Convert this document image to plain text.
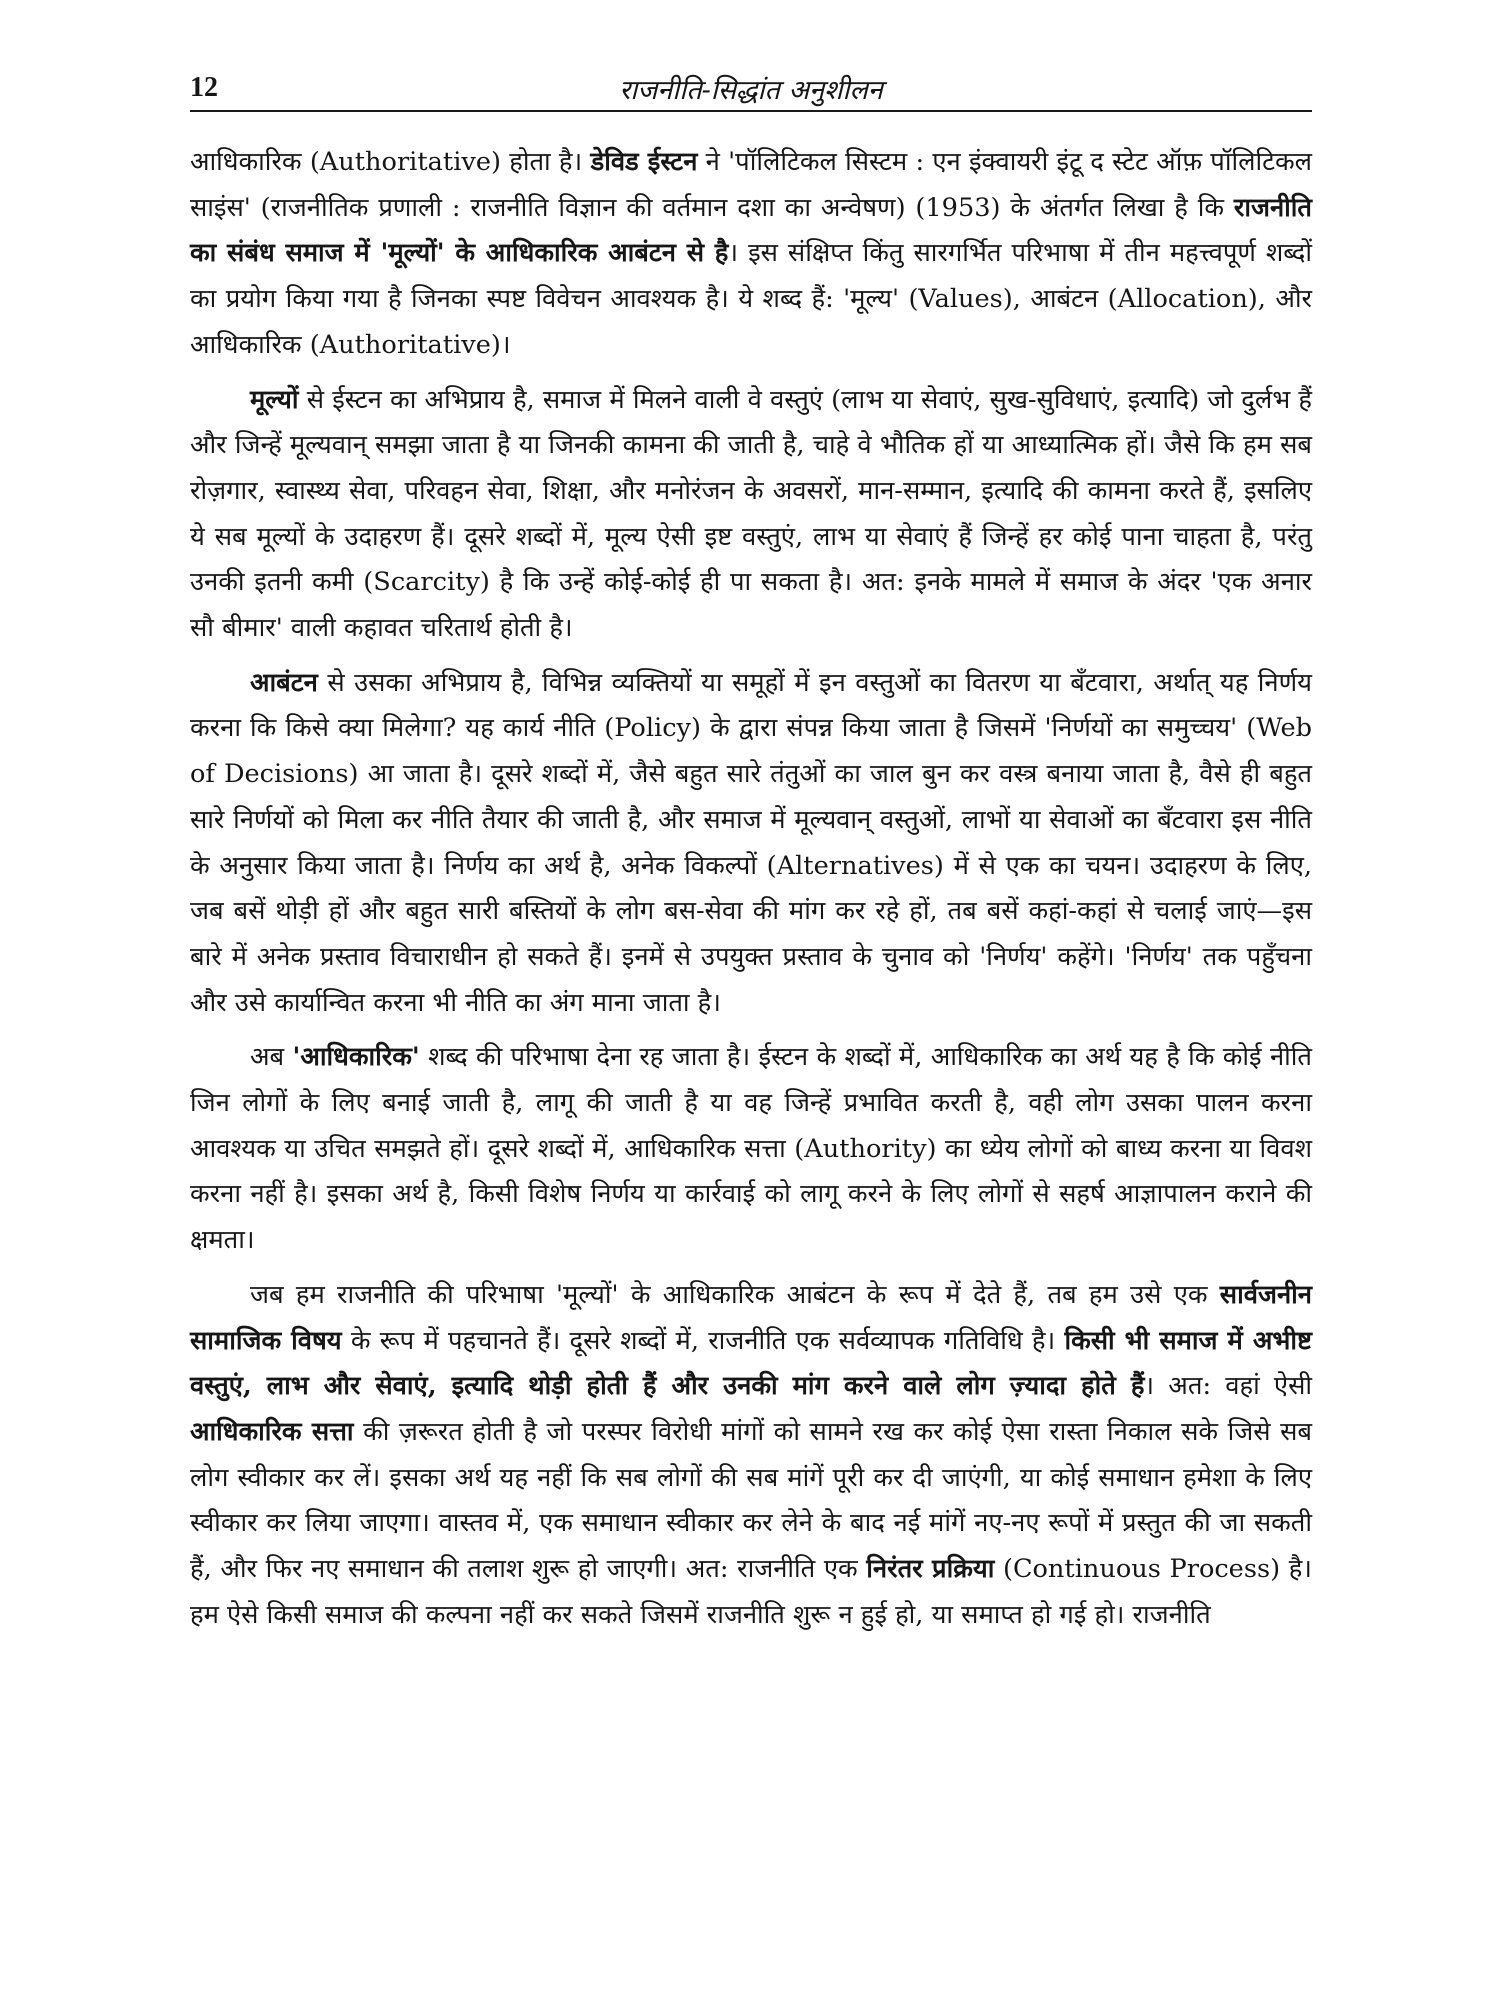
12	राजनीति-सिद्धांत अनुशीलन

आधिकारिक (Authoritative) होता है। डेविड ईस्टन ने 'पॉलिटिकल सिस्टम : एन इंक्वायरी इंटू द स्टेट ऑफ़ पॉलिटिकल साइंस' (राजनीतिक प्रणाली : राजनीति विज्ञान की वर्तमान दशा का अन्वेषण) (1953) के अंतर्गत लिखा है कि राजनीति का संबंध समाज में 'मूल्यों' के आधिकारिक आबंटन से है। इस संक्षिप्त किंतु सारगर्भित परिभाषा में तीन महत्त्वपूर्ण शब्दों का प्रयोग किया गया है जिनका स्पष्ट विवेचन आवश्यक है। ये शब्द हैं: 'मूल्य' (Values), आबंटन (Allocation), और आधिकारिक (Authoritative)।

मूल्यों से ईस्टन का अभिप्राय है, समाज में मिलने वाली वे वस्तुएं (लाभ या सेवाएं, सुख-सुविधाएं, इत्यादि) जो दुर्लभ हैं और जिन्हें मूल्यवान् समझा जाता है या जिनकी कामना की जाती है, चाहे वे भौतिक हों या आध्यात्मिक हों। जैसे कि हम सब रोज़गार, स्वास्थ्य सेवा, परिवहन सेवा, शिक्षा, और मनोरंजन के अवसरों, मान-सम्मान, इत्यादि की कामना करते हैं, इसलिए ये सब मूल्यों के उदाहरण हैं। दूसरे शब्दों में, मूल्य ऐसी इष्ट वस्तुएं, लाभ या सेवाएं हैं जिन्हें हर कोई पाना चाहता है, परंतु उनकी इतनी कमी (Scarcity) है कि उन्हें कोई-कोई ही पा सकता है। अत: इनके मामले में समाज के अंदर 'एक अनार सौ बीमार' वाली कहावत चरितार्थ होती है।

आबंटन से उसका अभिप्राय है, विभिन्न व्यक्तियों या समूहों में इन वस्तुओं का वितरण या बँटवारा, अर्थात् यह निर्णय करना कि किसे क्या मिलेगा? यह कार्य नीति (Policy) के द्वारा संपन्न किया जाता है जिसमें 'निर्णयों का समुच्चय' (Web of Decisions) आ जाता है। दूसरे शब्दों में, जैसे बहुत सारे तंतुओं का जाल बुन कर वस्त्र बनाया जाता है, वैसे ही बहुत सारे निर्णयों को मिला कर नीति तैयार की जाती है, और समाज में मूल्यवान् वस्तुओं, लाभों या सेवाओं का बँटवारा इस नीति के अनुसार किया जाता है। निर्णय का अर्थ है, अनेक विकल्पों (Alternatives) में से एक का चयन। उदाहरण के लिए, जब बसें थोड़ी हों और बहुत सारी बस्तियों के लोग बस-सेवा की मांग कर रहे हों, तब बसें कहां-कहां से चलाई जाएं—इस बारे में अनेक प्रस्ताव विचाराधीन हो सकते हैं। इनमें से उपयुक्त प्रस्ताव के चुनाव को 'निर्णय' कहेंगे। 'निर्णय' तक पहुँचना और उसे कार्यान्वित करना भी नीति का अंग माना जाता है।

अब 'आधिकारिक' शब्द की परिभाषा देना रह जाता है। ईस्टन के शब्दों में, आधिकारिक का अर्थ यह है कि कोई नीति जिन लोगों के लिए बनाई जाती है, लागू की जाती है या वह जिन्हें प्रभावित करती है, वही लोग उसका पालन करना आवश्यक या उचित समझते हों। दूसरे शब्दों में, आधिकारिक सत्ता (Authority) का ध्येय लोगों को बाध्य करना या विवश करना नहीं है। इसका अर्थ है, किसी विशेष निर्णय या कार्रवाई को लागू करने के लिए लोगों से सहर्ष आज्ञापालन कराने की क्षमता।

जब हम राजनीति की परिभाषा 'मूल्यों' के आधिकारिक आबंटन के रूप में देते हैं, तब हम उसे एक सार्वजनीन सामाजिक विषय के रूप में पहचानते हैं। दूसरे शब्दों में, राजनीति एक सर्वव्यापक गतिविधि है। किसी भी समाज में अभीष्ट वस्तुएं, लाभ और सेवाएं, इत्यादि थोड़ी होती हैं और उनकी मांग करने वाले लोग ज़्यादा होते हैं। अत: वहां ऐसी आधिकारिक सत्ता की ज़रूरत होती है जो परस्पर विरोधी मांगों को सामने रख कर कोई ऐसा रास्ता निकाल सके जिसे सब लोग स्वीकार कर लें। इसका अर्थ यह नहीं कि सब लोगों की सब मांगें पूरी कर दी जाएंगी, या कोई समाधान हमेशा के लिए स्वीकार कर लिया जाएगा। वास्तव में, एक समाधान स्वीकार कर लेने के बाद नई मांगें नए-नए रूपों में प्रस्तुत की जा सकती हैं, और फिर नए समाधान की तलाश शुरू हो जाएगी। अत: राजनीति एक निरंतर प्रक्रिया (Continuous Process) है। हम ऐसे किसी समाज की कल्पना नहीं कर सकते जिसमें राजनीति शुरू न हुई हो, या समाप्त हो गई हो। राजनीति
